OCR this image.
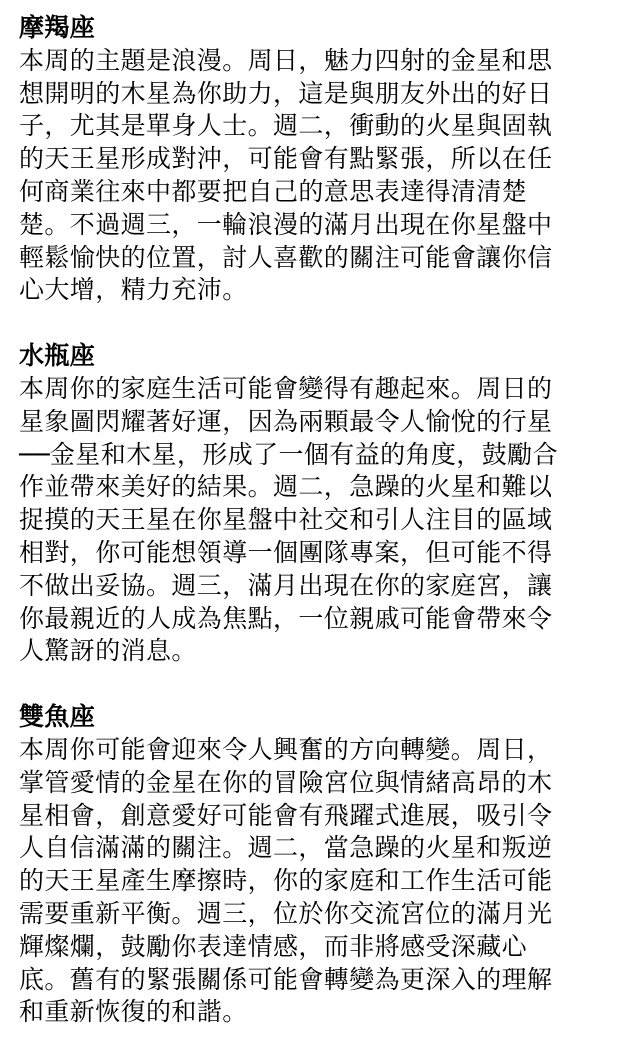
摩羯座
本周的主題是浪漫。周日，魅力四射的金星和思
想開明的木星為你助力，這是與朋友外出的好日
子，尤其是單身人士。週二，衝動的火星與固執
的天王星形成對沖，可能會有點緊張，所以在任
何商業往來中都要把自己的意思表達得清清楚
楚。不過週三，一輪浪漫的滿月出現在你星盤中
輕鬆愉快的位置，討人喜歡的關注可能會讓你信
心大增，精力充沛。
水瓶座
本周你的家庭生活可能會變得有趣起來。周日的
星象圖閃耀著好運，因為兩顆最令人愉悅的行星
──金星和木星，形成了一個有益的角度，鼓勵合
作並帶來美好的結果。週二，急躁的火星和難以
捉摸的天王星在你星盤中社交和引人注目的區域
相對，你可能想領導一個團隊專案，但可能不得
不做出妥協。週三，滿月出現在你的家庭宮，讓
你最親近的人成為焦點，一位親戚可能會帶來令
人驚訝的消息。
雙魚座
本周你可能會迎來令人興奮的方向轉變。周日，
掌管愛情的金星在你的冒險宮位與情緒高昂的木
星相會，創意愛好可能會有飛躍式進展，吸引令
人自信滿滿的關注。週二，當急躁的火星和叛逆
的天王星產生摩擦時，你的家庭和工作生活可能
需要重新平衡。週三，位於你交流宮位的滿月光
輝燦爛，鼓勵你表達情感，而非將感受深藏心
底。舊有的緊張關係可能會轉變為更深入的理解
和重新恢復的和諧。
